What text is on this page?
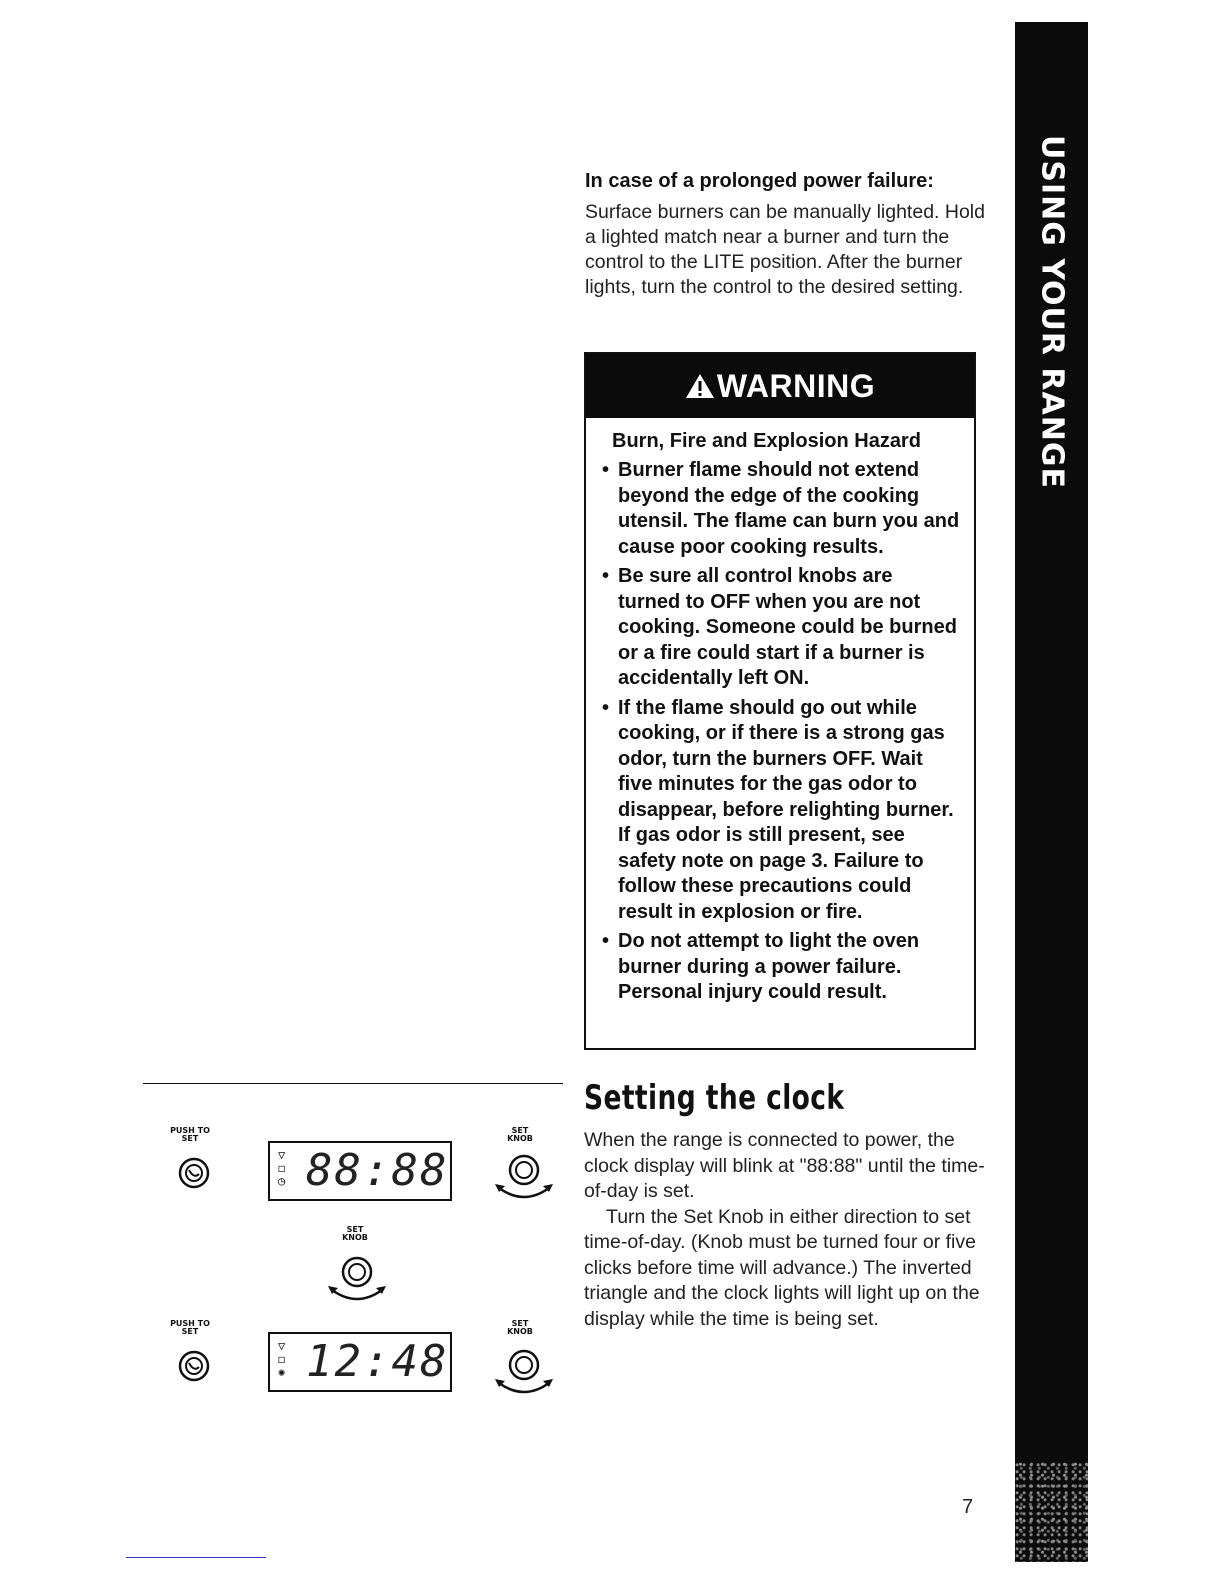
USING YOUR RANGE
In case of a prolonged power failure:
Surface burners can be manually lighted. Hold a lighted match near a burner and turn the control to the LITE position. After the burner lights, turn the control to the desired setting.
WARNING
Burn, Fire and Explosion Hazard
• Burner flame should not extend beyond the edge of the cooking utensil. The flame can burn you and cause poor cooking results.
• Be sure all control knobs are turned to OFF when you are not cooking. Someone could be burned or a fire could start if a burner is accidentally left ON.
• If the flame should go out while cooking, or if there is a strong gas odor, turn the burners OFF. Wait five minutes for the gas odor to disappear, before relighting burner. If gas odor is still present, see safety note on page 3. Failure to follow these precautions could result in explosion or fire.
• Do not attempt to light the oven burner during a power failure. Personal injury could result.
Setting the clock

When the range is connected to power, the clock display will blink at "88:88" until the time-of-day is set.

Turn the Set Knob in either direction to set time-of-day. (Knob must be turned four or five clicks before time will advance.) The inverted triangle and the clock lights will light up on the display while the time is being set.

PUSH TO SET
▽
◻
◷ 88:88
SET KNOB
SET KNOB
PUSH TO SET
▽
◻
✺ 12:48
SET KNOB
7
